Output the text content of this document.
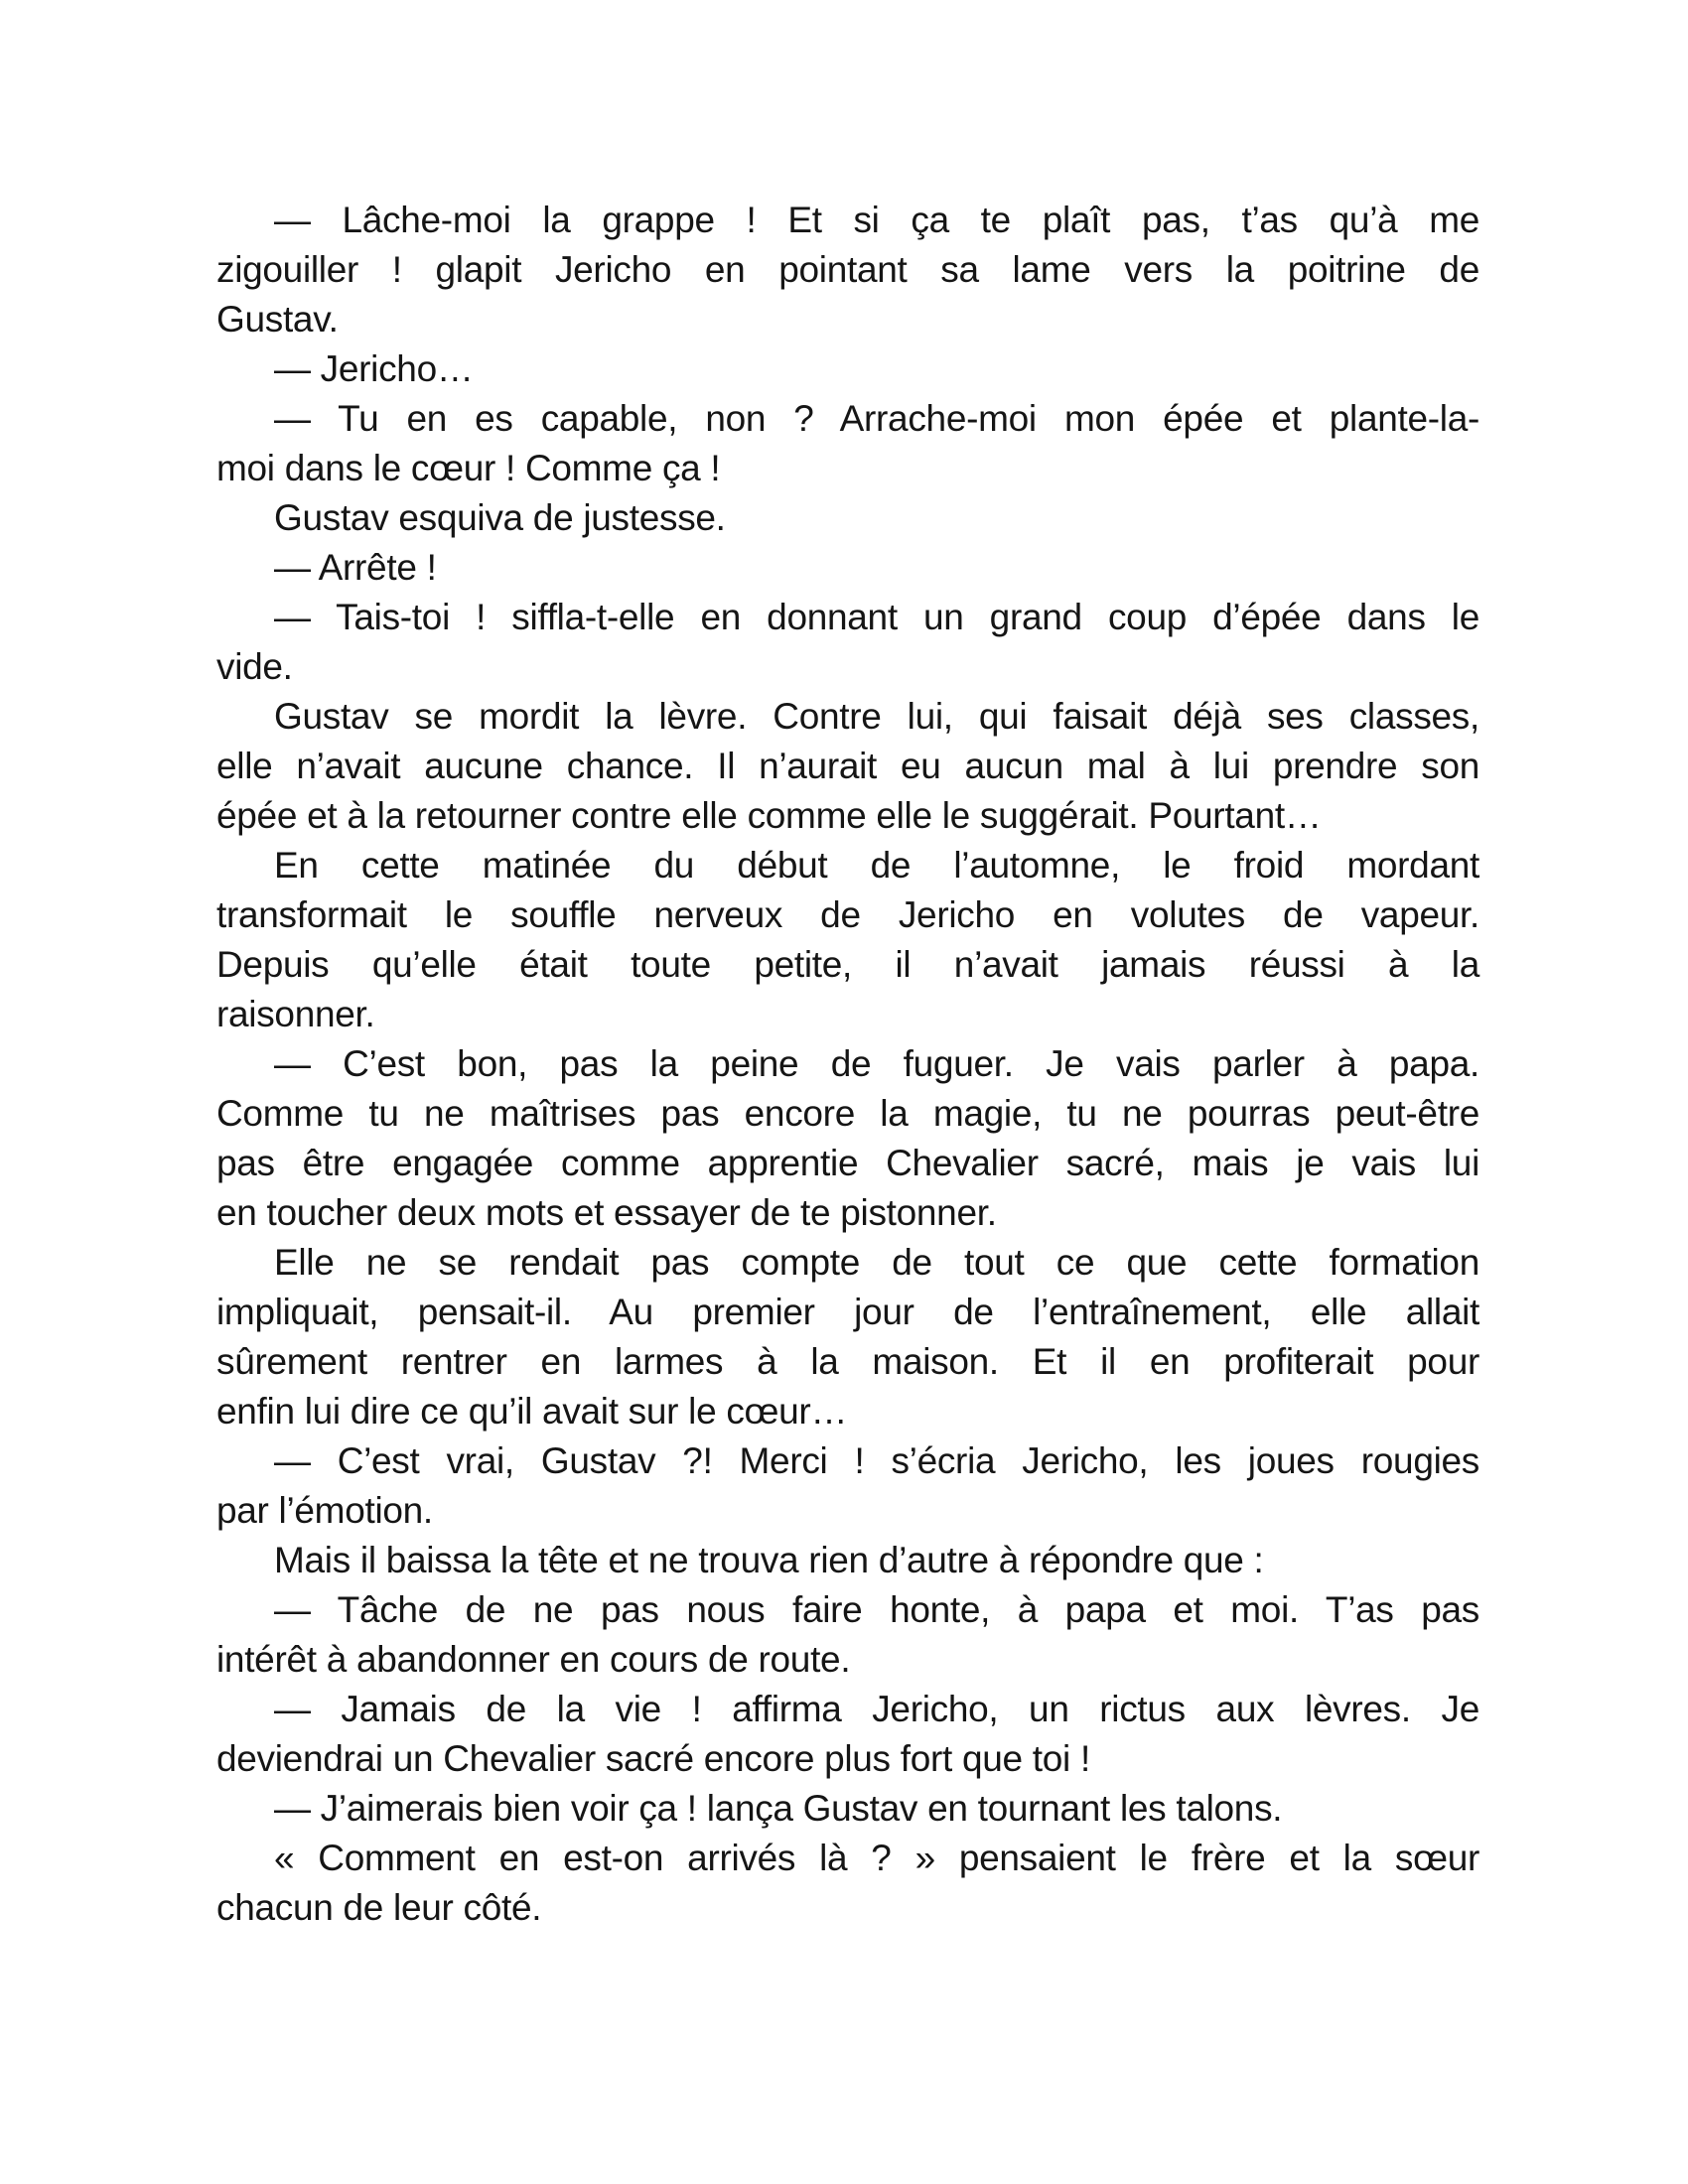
— Lâche-moi la grappe ! Et si ça te plaît pas, t’as qu’à me
zigouiller ! glapit Jericho en pointant sa lame vers la poitrine de
Gustav.

— Jericho…

— Tu en es capable, non ? Arrache-moi mon épée et plante-la-
moi dans le cœur ! Comme ça !

Gustav esquiva de justesse.

— Arrête !

— Tais-toi ! siffla-t-elle en donnant un grand coup d’épée dans le
vide.

Gustav se mordit la lèvre. Contre lui, qui faisait déjà ses classes,
elle n’avait aucune chance. Il n’aurait eu aucun mal à lui prendre son
épée et à la retourner contre elle comme elle le suggérait. Pourtant…

En cette matinée du début de l’automne, le froid mordant
transformait le souffle nerveux de Jericho en volutes de vapeur.
Depuis qu’elle était toute petite, il n’avait jamais réussi à la
raisonner.

— C’est bon, pas la peine de fuguer. Je vais parler à papa.
Comme tu ne maîtrises pas encore la magie, tu ne pourras peut-être
pas être engagée comme apprentie Chevalier sacré, mais je vais lui
en toucher deux mots et essayer de te pistonner.

Elle ne se rendait pas compte de tout ce que cette formation
impliquait, pensait-il. Au premier jour de l’entraînement, elle allait
sûrement rentrer en larmes à la maison. Et il en profiterait pour
enfin lui dire ce qu’il avait sur le cœur…

— C’est vrai, Gustav ?! Merci ! s’écria Jericho, les joues rougies
par l’émotion.

Mais il baissa la tête et ne trouva rien d’autre à répondre que :

— Tâche de ne pas nous faire honte, à papa et moi. T’as pas
intérêt à abandonner en cours de route.

— Jamais de la vie ! affirma Jericho, un rictus aux lèvres. Je
deviendrai un Chevalier sacré encore plus fort que toi !

— J’aimerais bien voir ça ! lança Gustav en tournant les talons.

« Comment en est-on arrivés là ? » pensaient le frère et la sœur
chacun de leur côté.
